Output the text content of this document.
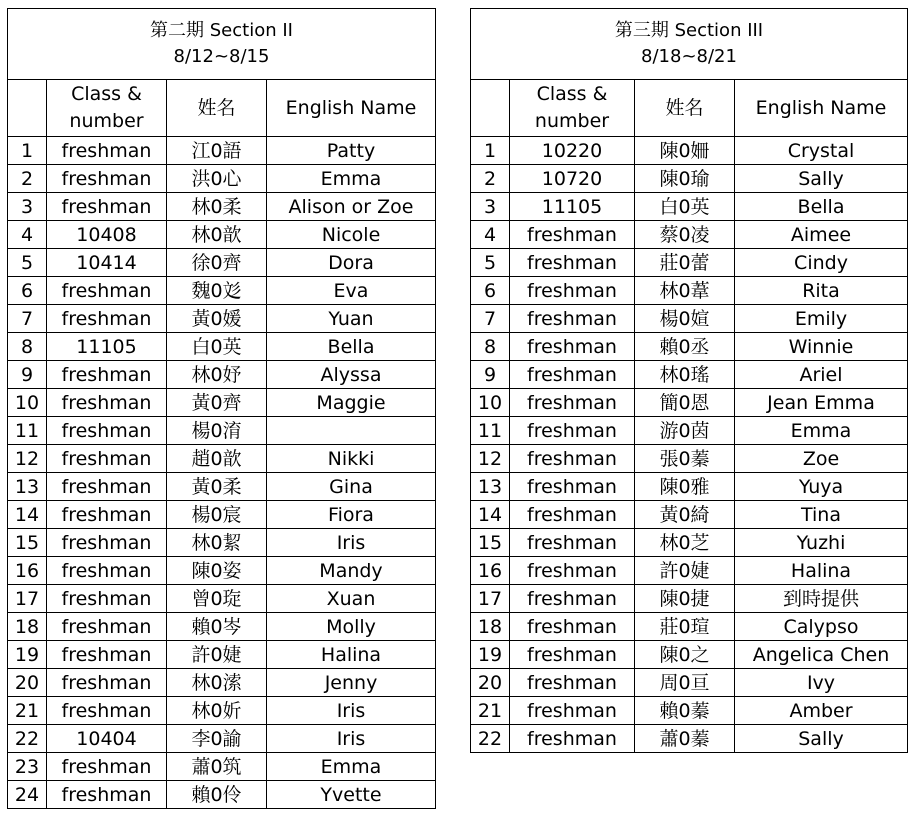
第二期 Section II
8/12~8/15			

	Class & number	姓名	English Name
1	freshman	江0語	Patty
2	freshman	洪0心	Emma
3	freshman	林0柔	Alison or Zoe
4	10408	林0歆	Nicole
5	10414	徐0齊	Dora
6	freshman	魏0彣	Eva
7	freshman	黃0媛	Yuan
8	11105	白0英	Bella
9	freshman	林0妤	Alyssa
10	freshman	黃0齊	Maggie
11	freshman	楊0淯	
12	freshman	趙0歆	Nikki
13	freshman	黃0柔	Gina
14	freshman	楊0宸	Fiora
15	freshman	林0絜	Iris
16	freshman	陳0姿	Mandy
17	freshman	曾0琁	Xuan
18	freshman	賴0岑	Molly
19	freshman	許0婕	Halina
20	freshman	林0溹	Jenny
21	freshman	林0妡	Iris
22	10404	李0諭	Iris
23	freshman	蕭0筑	Emma
24	freshman	賴0伶	Yvette
第三期 Section III
8/18~8/21			

	Class & number	姓名	English Name
1	10220	陳0姍	Crystal
2	10720	陳0瑜	Sally
3	11105	白0英	Bella
4	freshman	蔡0凌	Aimee
5	freshman	莊0蕾	Cindy
6	freshman	林0葦	Rita
7	freshman	楊0媗	Emily
8	freshman	賴0丞	Winnie
9	freshman	林0瑤	Ariel
10	freshman	簡0恩	Jean Emma
11	freshman	游0茵	Emma
12	freshman	張0蓁	Zoe
13	freshman	陳0雅	Yuya
14	freshman	黃0綺	Tina
15	freshman	林0芝	Yuzhi
16	freshman	許0婕	Halina
17	freshman	陳0捷	到時提供
18	freshman	莊0瑄	Calypso
19	freshman	陳0之	Angelica Chen
20	freshman	周0亘	Ivy
21	freshman	賴0蓁	Amber
22	freshman	蕭0蓁	Sally
